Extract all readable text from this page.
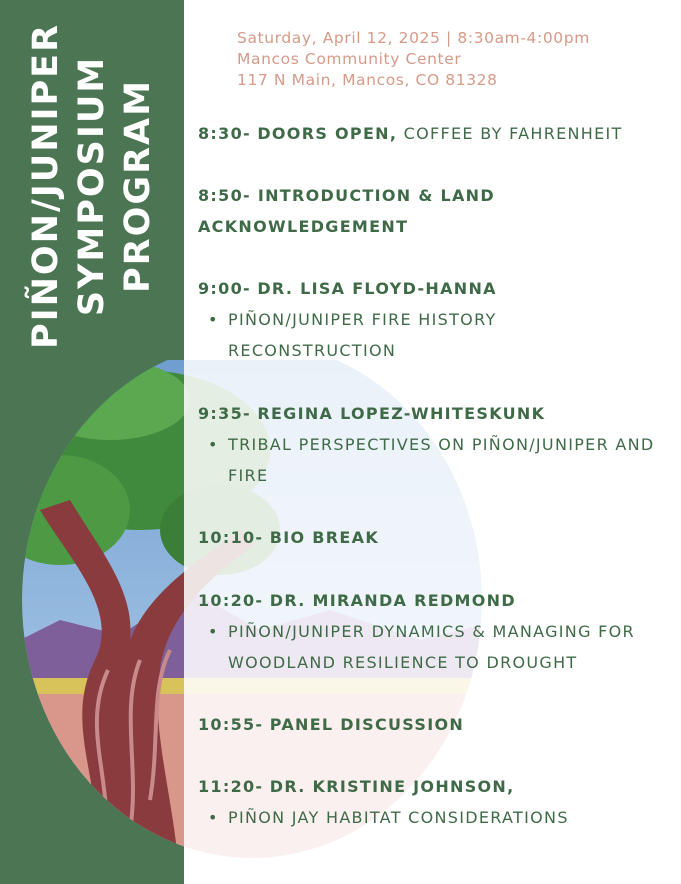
PIÑON/JUNIPER SYMPOSIUM PROGRAM
Saturday, April 12, 2025 | 8:30am-4:00pm
Mancos Community Center
117 N Main, Mancos, CO 81328
8:30- DOORS OPEN, COFFEE BY FAHRENHEIT
8:50- INTRODUCTION & LAND ACKNOWLEDGEMENT
9:00- DR. LISA FLOYD-HANNA
• PIÑON/JUNIPER FIRE HISTORY RECONSTRUCTION
9:35- REGINA LOPEZ-WHITESKUNK
• TRIBAL PERSPECTIVES ON PIÑON/JUNIPER AND FIRE
10:10- BIO BREAK
10:20- DR. MIRANDA REDMOND
• PIÑON/JUNIPER DYNAMICS & MANAGING FOR WOODLAND RESILIENCE TO DROUGHT
10:55- PANEL DISCUSSION
11:20- DR. KRISTINE JOHNSON,
• PIÑON JAY HABITAT CONSIDERATIONS
